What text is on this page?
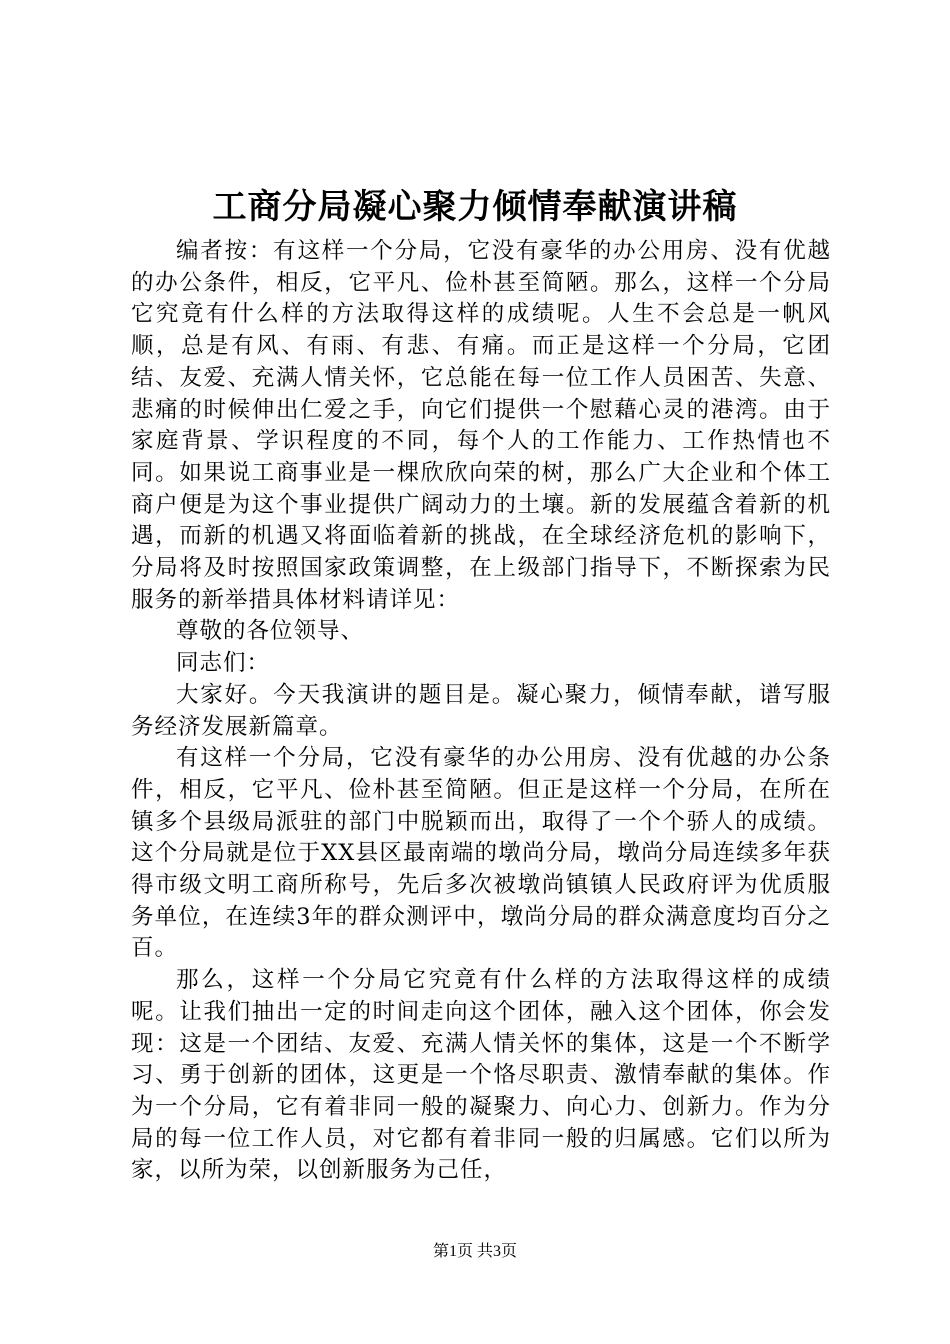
工商分局凝心聚力倾情奉献演讲稿

编者按：有这样一个分局，它没有豪华的办公用房、没有优越的办公条件，相反，它平凡、俭朴甚至简陋。那么，这样一个分局它究竟有什么样的方法取得这样的成绩呢。人生不会总是一帆风顺，总是有风、有雨、有悲、有痛。而正是这样一个分局，它团结、友爱、充满人情关怀，它总能在每一位工作人员困苦、失意、悲痛的时候伸出仁爱之手，向它们提供一个慰藉心灵的港湾。由于家庭背景、学识程度的不同，每个人的工作能力、工作热情也不同。如果说工商事业是一棵欣欣向荣的树，那么广大企业和个体工商户便是为这个事业提供广阔动力的土壤。新的发展蕴含着新的机遇，而新的机遇又将面临着新的挑战，在全球经济危机的影响下，分局将及时按照国家政策调整，在上级部门指导下，不断探索为民服务的新举措具体材料请详见：

尊敬的各位领导、

同志们：

大家好。今天我演讲的题目是。凝心聚力，倾情奉献，谱写服务经济发展新篇章。

有这样一个分局，它没有豪华的办公用房、没有优越的办公条件，相反，它平凡、俭朴甚至简陋。但正是这样一个分局，在所在镇多个县级局派驻的部门中脱颖而出，取得了一个个骄人的成绩。这个分局就是位于XX县区最南端的墩尚分局，墩尚分局连续多年获得市级文明工商所称号，先后多次被墩尚镇镇人民政府评为优质服务单位，在连续3年的群众测评中，墩尚分局的群众满意度均百分之百。

那么，这样一个分局它究竟有什么样的方法取得这样的成绩呢。让我们抽出一定的时间走向这个团体，融入这个团体，你会发现：这是一个团结、友爱、充满人情关怀的集体，这是一个不断学习、勇于创新的团体，这更是一个恪尽职责、激情奉献的集体。作为一个分局，它有着非同一般的凝聚力、向心力、创新力。作为分局的每一位工作人员，对它都有着非同一般的归属感。它们以所为家，以所为荣，以创新服务为己任，

第1页 共3页
